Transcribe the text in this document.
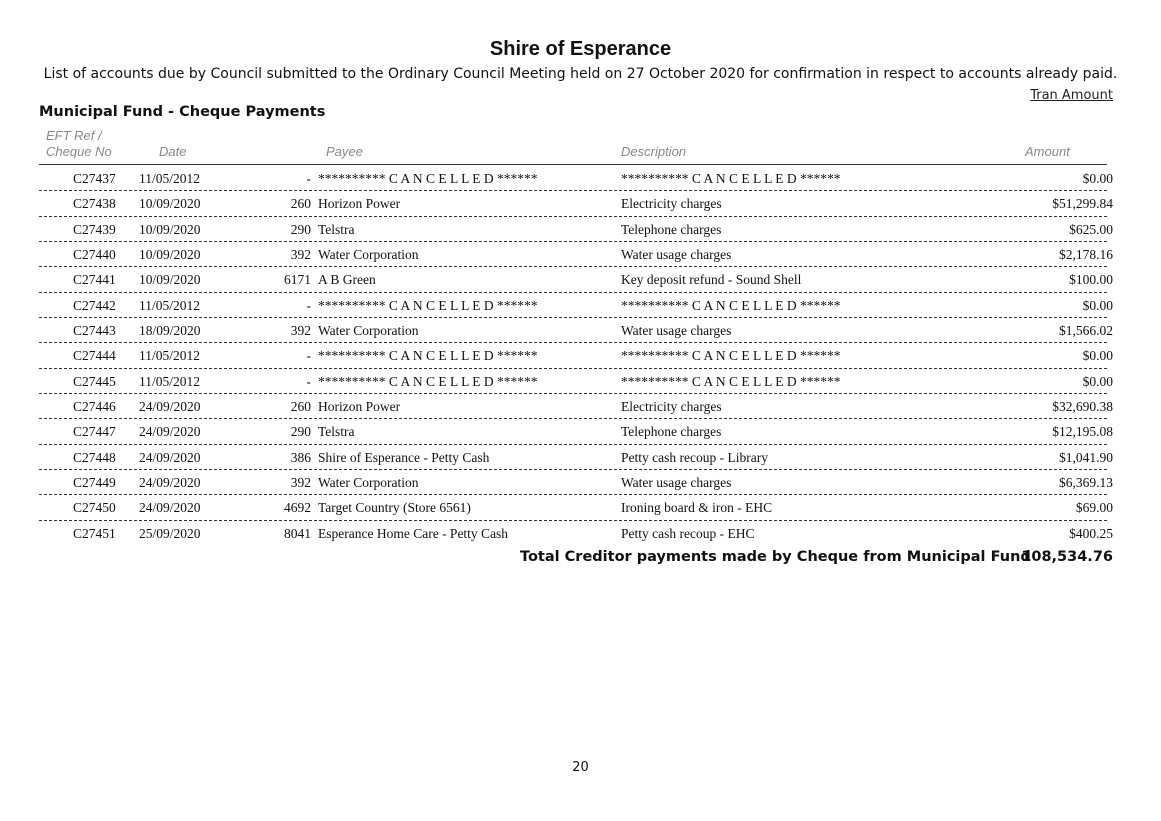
Shire of Esperance
List of accounts due by Council submitted to the Ordinary Council Meeting held on 27 October 2020 for confirmation in respect to accounts already paid.
Tran Amount
Municipal Fund - Cheque Payments
EFT Ref /
Cheque No	Date	Payee	Description	Amount
C27437 11/05/2012	- ********** C A N C E L L E D ******	********** C A N C E L L E D ******	$0.00
C27438 10/09/2020	260 Horizon Power	Electricity charges	$51,299.84
C27439 10/09/2020	290 Telstra	Telephone charges	$625.00
C27440 10/09/2020	392 Water Corporation	Water usage charges	$2,178.16
C27441 10/09/2020	6171 A B Green	Key deposit refund - Sound Shell	$100.00
C27442 11/05/2012	- ********** C A N C E L L E D ******	********** C A N C E L L E D ******	$0.00
C27443 18/09/2020	392 Water Corporation	Water usage charges	$1,566.02
C27444 11/05/2012	- ********** C A N C E L L E D ******	********** C A N C E L L E D ******	$0.00
C27445 11/05/2012	- ********** C A N C E L L E D ******	********** C A N C E L L E D ******	$0.00
C27446 24/09/2020	260 Horizon Power	Electricity charges	$32,690.38
C27447 24/09/2020	290 Telstra	Telephone charges	$12,195.08
C27448 24/09/2020	386 Shire of Esperance - Petty Cash	Petty cash recoup - Library	$1,041.90
C27449 24/09/2020	392 Water Corporation	Water usage charges	$6,369.13
C27450 24/09/2020	4692 Target Country (Store 6561)	Ironing board & iron - EHC	$69.00
C27451 25/09/2020	8041 Esperance Home Care - Petty Cash	Petty cash recoup - EHC	$400.25
Total Creditor payments made by Cheque from Municipal Fund
108,534.76
20
